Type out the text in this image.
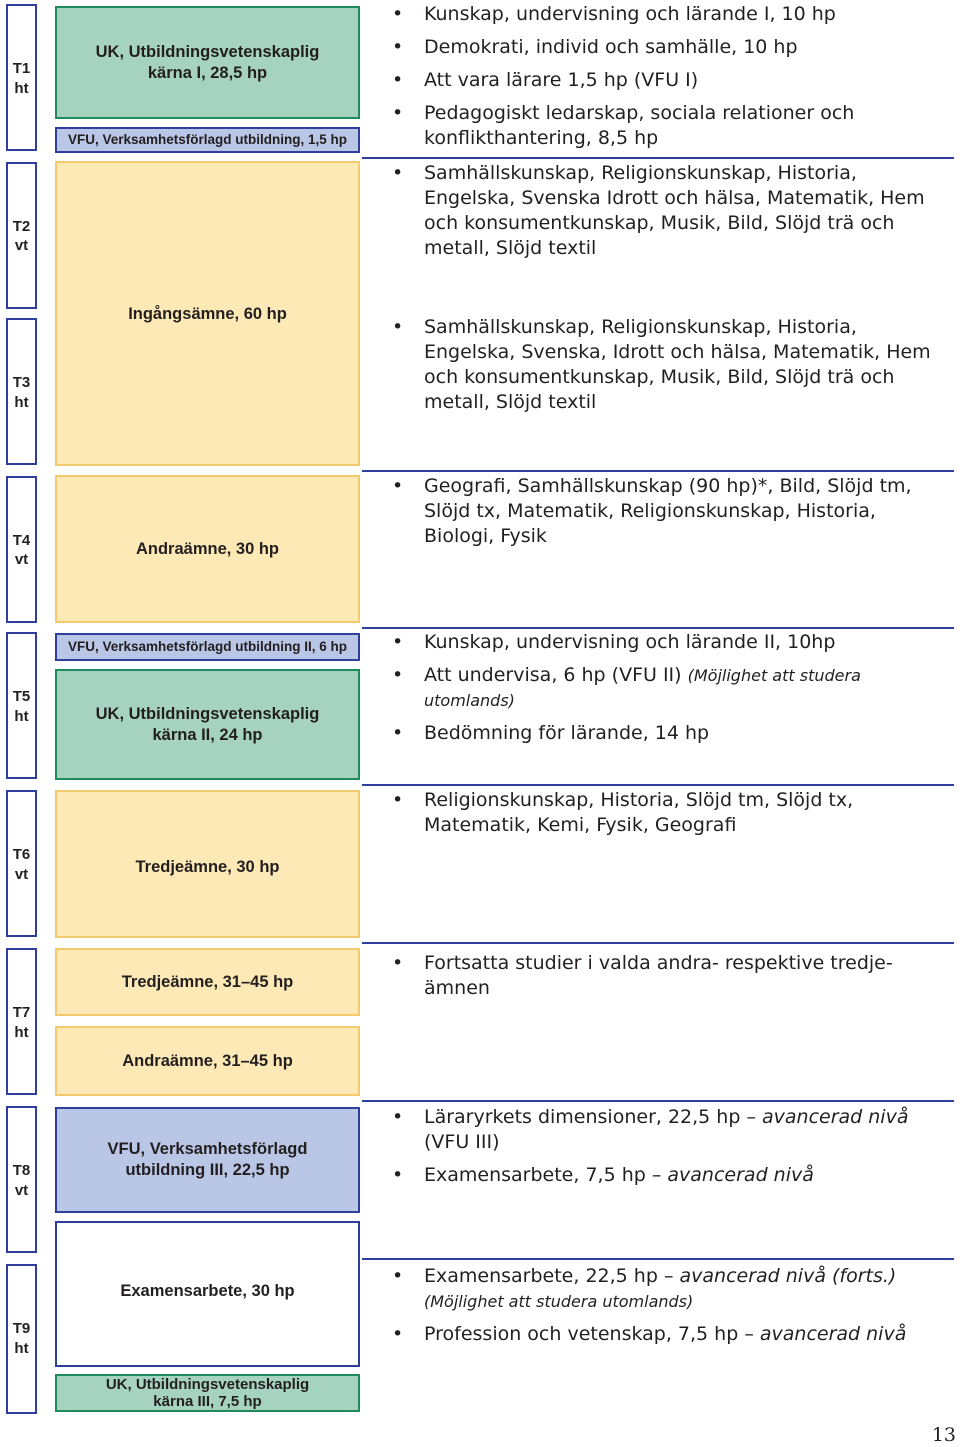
T1
T2
T3
T4
T5
T6
T7
T8
T9
ht
vt
ht
vt
ht
vt
ht
vt
ht
UK, Utbildningsvetenskaplig kärna I, 28,5 hp
VFU, Verksamhetsförlagd utbildning, 1,5 hp
Ingångsämne, 60 hp
Andraämne, 30 hp
VFU, Verksamhetsförlagd utbildning II, 6 hp
UK, Utbildningsvetenskaplig kärna II, 24 hp
Tredjeämne, 30 hp
Tredjeämne, 31–45 hp
Andraämne, 31–45 hp
VFU, Verksamhetsförlagd utbildning III, 22,5 hp
Examensarbete, 30 hp
UK, Utbildningsvetenskaplig kärna III, 7,5 hp
• Kunskap, undervisning och lärande I, 10 hp
• Demokrati, individ och samhälle, 10 hp
• Att vara lärare 1,5 hp (VFU I)
• Pedagogiskt ledarskap, sociala relationer och konflikthantering, 8,5 hp
• Samhällskunskap, Religionskunskap, Historia, Engelska, Svenska Idrott och hälsa, Matematik, Hem och konsumentkunskap, Musik, Bild, Slöjd trä och metall, Slöjd textil
• Samhällskunskap, Religionskunskap, Historia, Engelska, Svenska, Idrott och hälsa, Matematik, Hem och konsumentkunskap, Musik, Bild, Slöjd trä och metall, Slöjd textil
• Geografi, Samhällskunskap (90 hp)*, Bild, Slöjd tm, Slöjd tx, Matematik, Religionskunskap, Historia, Biologi, Fysik
• Kunskap, undervisning och lärande II, 10hp
• Att undervisa, 6 hp (VFU II) (Möjlighet att studera utomlands)
• Bedömning för lärande, 14 hp
• Religionskunskap, Historia, Slöjd tm, Slöjd tx, Matematik, Kemi, Fysik, Geografi
• Fortsatta studier i valda andra- respektive tredje-ämnen
• Läraryrkets dimensioner, 22,5 hp – avancerad nivå
(VFU III)
• Examensarbete, 7,5 hp – avancerad nivå
• Examensarbete, 22,5 hp – avancerad nivå (forts.)
(Möjlighet att studera utomlands)
• Profession och vetenskap, 7,5 hp – avancerad nivå
13
